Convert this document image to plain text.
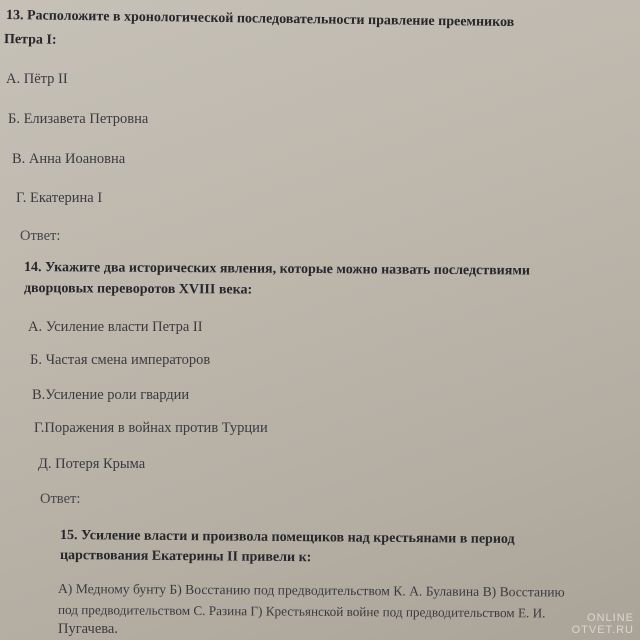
13. Расположите в хронологической последовательности правление преемников
Петра I:
А. Пётр II
Б. Елизавета Петровна
В. Анна Иоановна
Г. Екатерина I
Ответ:
14. Укажите два исторических явления, которые можно назвать последствиями
дворцовых переворотов XVIII века:
А. Усиление власти Петра II
Б. Частая смена императоров
В.Усиление роли гвардии
Г.Поражения в войнах против Турции
Д. Потеря Крыма
Ответ:
15. Усиление власти и произвола помещиков над крестьянами в период
царствования Екатерины II привели к:
А) Медному бунту Б) Восстанию под предводительством К. А. Булавина В) Восстанию
под предводительством С. Разина Г) Крестьянской войне под предводительством Е. И.
Пугачева.
ONLINE
OTVET.RU
